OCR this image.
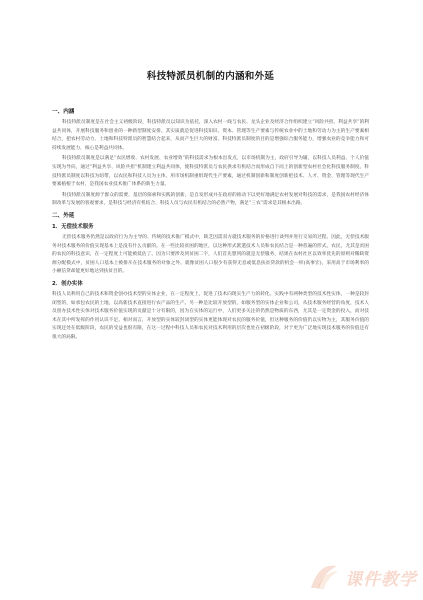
科技特派员机制的内涵和外延
一、内涵

科技特派员制度是在社会主义初级阶段，科技特派员以知识为依托，深入农村一线与农民、龙头企业及经济合作组织建立“风险共担、利益共享”的利益共同体，开展科技服务和创业的一种新型制度安排。其实质就是促进科技知识、资本、管理等生产要素与传统农业中的土地和劳动力为主的生产要素相结合，把农村劳动力、土地和科技特派员的智慧结合起来，从而产生巨大的财富。科技特派员制度的目的是增强综合服务能力，增强农业的竞争能力和可持续发展能力，核心是利益共同体。

科技特派员制度是以满足“农民增收、农村发展、农业增效”的科技需求为根本出发点，以市场机制为主，政府引导为辅，以科技人员利益、个人价值实现为导向，通过“利益共享、风险共担”机制建立利益共同体，使科技特派员与农民供求有机结合而形成自下而上的创新型农村社会化科技服务制度。科技特派员制度以科技为纽带，以农民和科技人员为主体，用市场机制重组现代生产要素，通过机制创新和制度创新把技术、人才、资金、管理等现代生产要素植根于农村，是我国农业技术推广体系的新生力量。

科技特派员制度源于群众的需要、基层的探索和实践的创新，是自发形成并在政府的推动下以更好地满足农村发展对科技的需求，是我国农村经济体制改革与发展的客观要求，是科技与经济有机结合、科技人员与农民有机结合的必然产物，满足“三农”需求是其根本出路。

二、外延
1．无偿技术服务

无偿技术服务仍然是以政府行为为主导的、传统的技术推广模式中，缺乏因需双方就技术服务的价格进行谈判并进行交易的过程。因此，无偿技术服务对技术服务的价值实现基本上是没有什么贡献的。在一些比较贫困的地区，以这种形式派遣技术人员和农民结合是一种普遍的形式。农民，尤其是贫困的农民的科技意识，在一定程度上可能被低估了。因为只要涉及到贫困二字，人们首先想到的就是无偿服务，结果在农村社区以效率优先的原则对稀缺资源分配模式中，贫困人口基本上被排斥在技术服务的对象之外。就像贫困人口很少有获得无息或低息扶贫贷款的机会一样(高事宏)，采用高于市场利率的小额信贷却能更好地达到扶贫目的。

2．创办实体

科技人员利用自己的技术和资金创办技术型的实体企业，在一定程度上，促进了技术向现实生产力的转化。实践中有两种类型的技术性实体，一种是较封闭型的，如承包农民的土地，以高新技术直接进行农产品的生产。另一种是比较开放型的，如服务型的实体企业和公司，从技术服务经营的角度，技术人员创办技术性实体对技术服务价值实现的贡献是十分有限的，因为在实体的运行中，人们更多关注的仍然是物质的东西，尤其是一定资金的投入，而对技术在其中所发挥的作用认识不足。相对而言，开放型的实体较封闭型的实体更能体现对农民的服务价值，但这种服务的价值仍以实物为主，其服务价值的实现还处在低级阶段，农民的受益也很有限，在这一过程中科技人员和农民对技术利用的层次也处在初级阶段，对于更为广泛地实现技术服务的价值还有很大的局限。

课件教学
